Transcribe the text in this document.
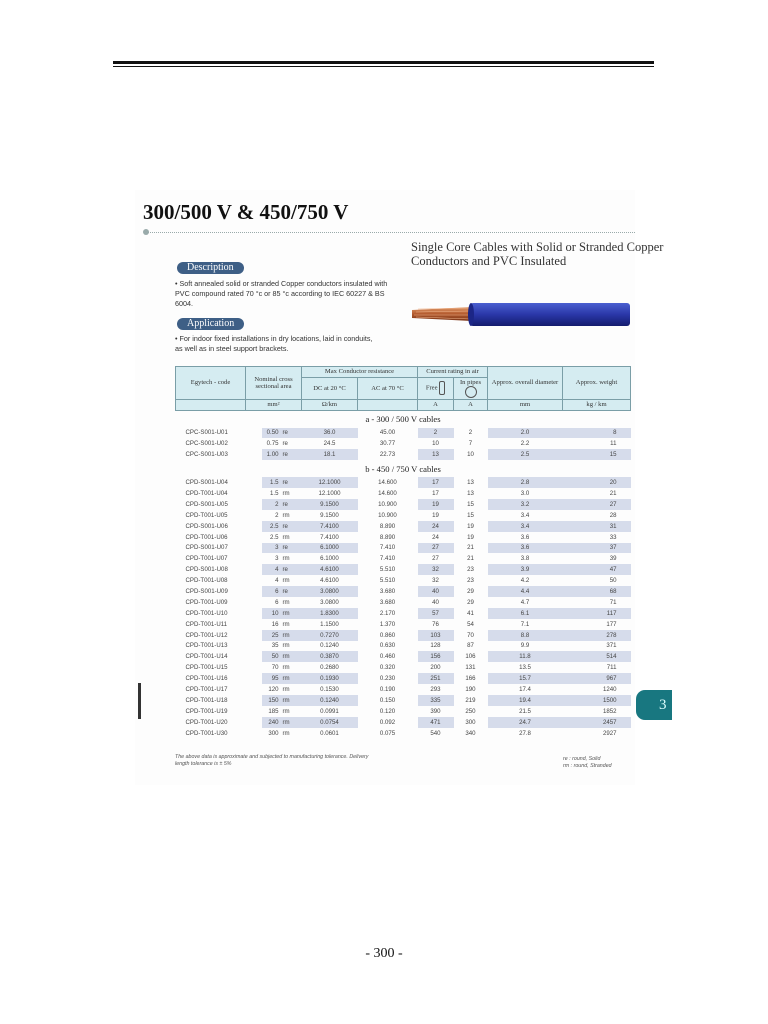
300/500 V & 450/750 V
Single Core Cables with Solid or Stranded Copper Conductors and PVC Insulated
Description
• Soft annealed solid or stranded Copper conductors insulated with PVC compound rated 70 °c or 85 °c according to IEC 60227 & BS 6004.
Application
• For indoor fixed installations in dry locations, laid in conduits, as well as in steel support brackets.
Egytech - code	Nominal cross sectional area			Max Conductor resistance		Current rating in air		Approx. overall diameter	Approx. weight
				DC at 20 °C	AC at 70 °C	Free	In pipes		
	mm²			Ω/km		A	A	mm	kg / km
a - 300 / 500 V cables									
CPC-S001-U01		0.50	re	36.0	45.00	2	2	2.0	8
CPC-S001-U02		0.75	re	24.5	30.77	10	7	2.2	11
CPC-S001-U03		1.00	re	18.1	22.73	13	10	2.5	15
b - 450 / 750 V cables									
CPD-S001-U04		1.5	re	12.1000	14.600	17	13	2.8	20
CPD-T001-U04		1.5	rm	12.1000	14.600	17	13	3.0	21
CPD-S001-U05		2	re	9.1500	10.900	19	15	3.2	27
CPD-T001-U05		2	rm	9.1500	10.900	19	15	3.4	28
CPD-S001-U06		2.5	re	7.4100	8.890	24	19	3.4	31
CPD-T001-U06		2.5	rm	7.4100	8.890	24	19	3.6	33
CPD-S001-U07		3	re	6.1000	7.410	27	21	3.6	37
CPD-T001-U07		3	rm	6.1000	7.410	27	21	3.8	39
CPD-S001-U08		4	re	4.6100	5.510	32	23	3.9	47
CPD-T001-U08		4	rm	4.6100	5.510	32	23	4.2	50
CPD-S001-U09		6	re	3.0800	3.680	40	29	4.4	68
CPD-T001-U09		6	rm	3.0800	3.680	40	29	4.7	71
CPD-T001-U10		10	rm	1.8300	2.170	57	41	6.1	117
CPD-T001-U11		16	rm	1.1500	1.370	76	54	7.1	177
CPD-T001-U12		25	rm	0.7270	0.860	103	70	8.8	278
CPD-T001-U13		35	rm	0.1240	0.630	128	87	9.9	371
CPD-T001-U14		50	rm	0.3870	0.460	156	106	11.8	514
CPD-T001-U15		70	rm	0.2680	0.320	200	131	13.5	711
CPD-T001-U16		95	rm	0.1930	0.230	251	166	15.7	967
CPD-T001-U17		120	rm	0.1530	0.190	293	190	17.4	1240
CPD-T001-U18		150	rm	0.1240	0.150	335	219	19.4	1500
CPD-T001-U19		185	rm	0.0991	0.120	390	250	21.5	1852
CPD-T001-U20		240	rm	0.0754	0.092	471	300	24.7	2457
CPD-T001-U30		300	rm	0.0601	0.075	540	340	27.8	2927
The above data is approximate and subjected to manufacturing tolerance. Delivery length tolerance is ± 5%
re : round, Solid
rm : round, Stranded
3
- 300 -
